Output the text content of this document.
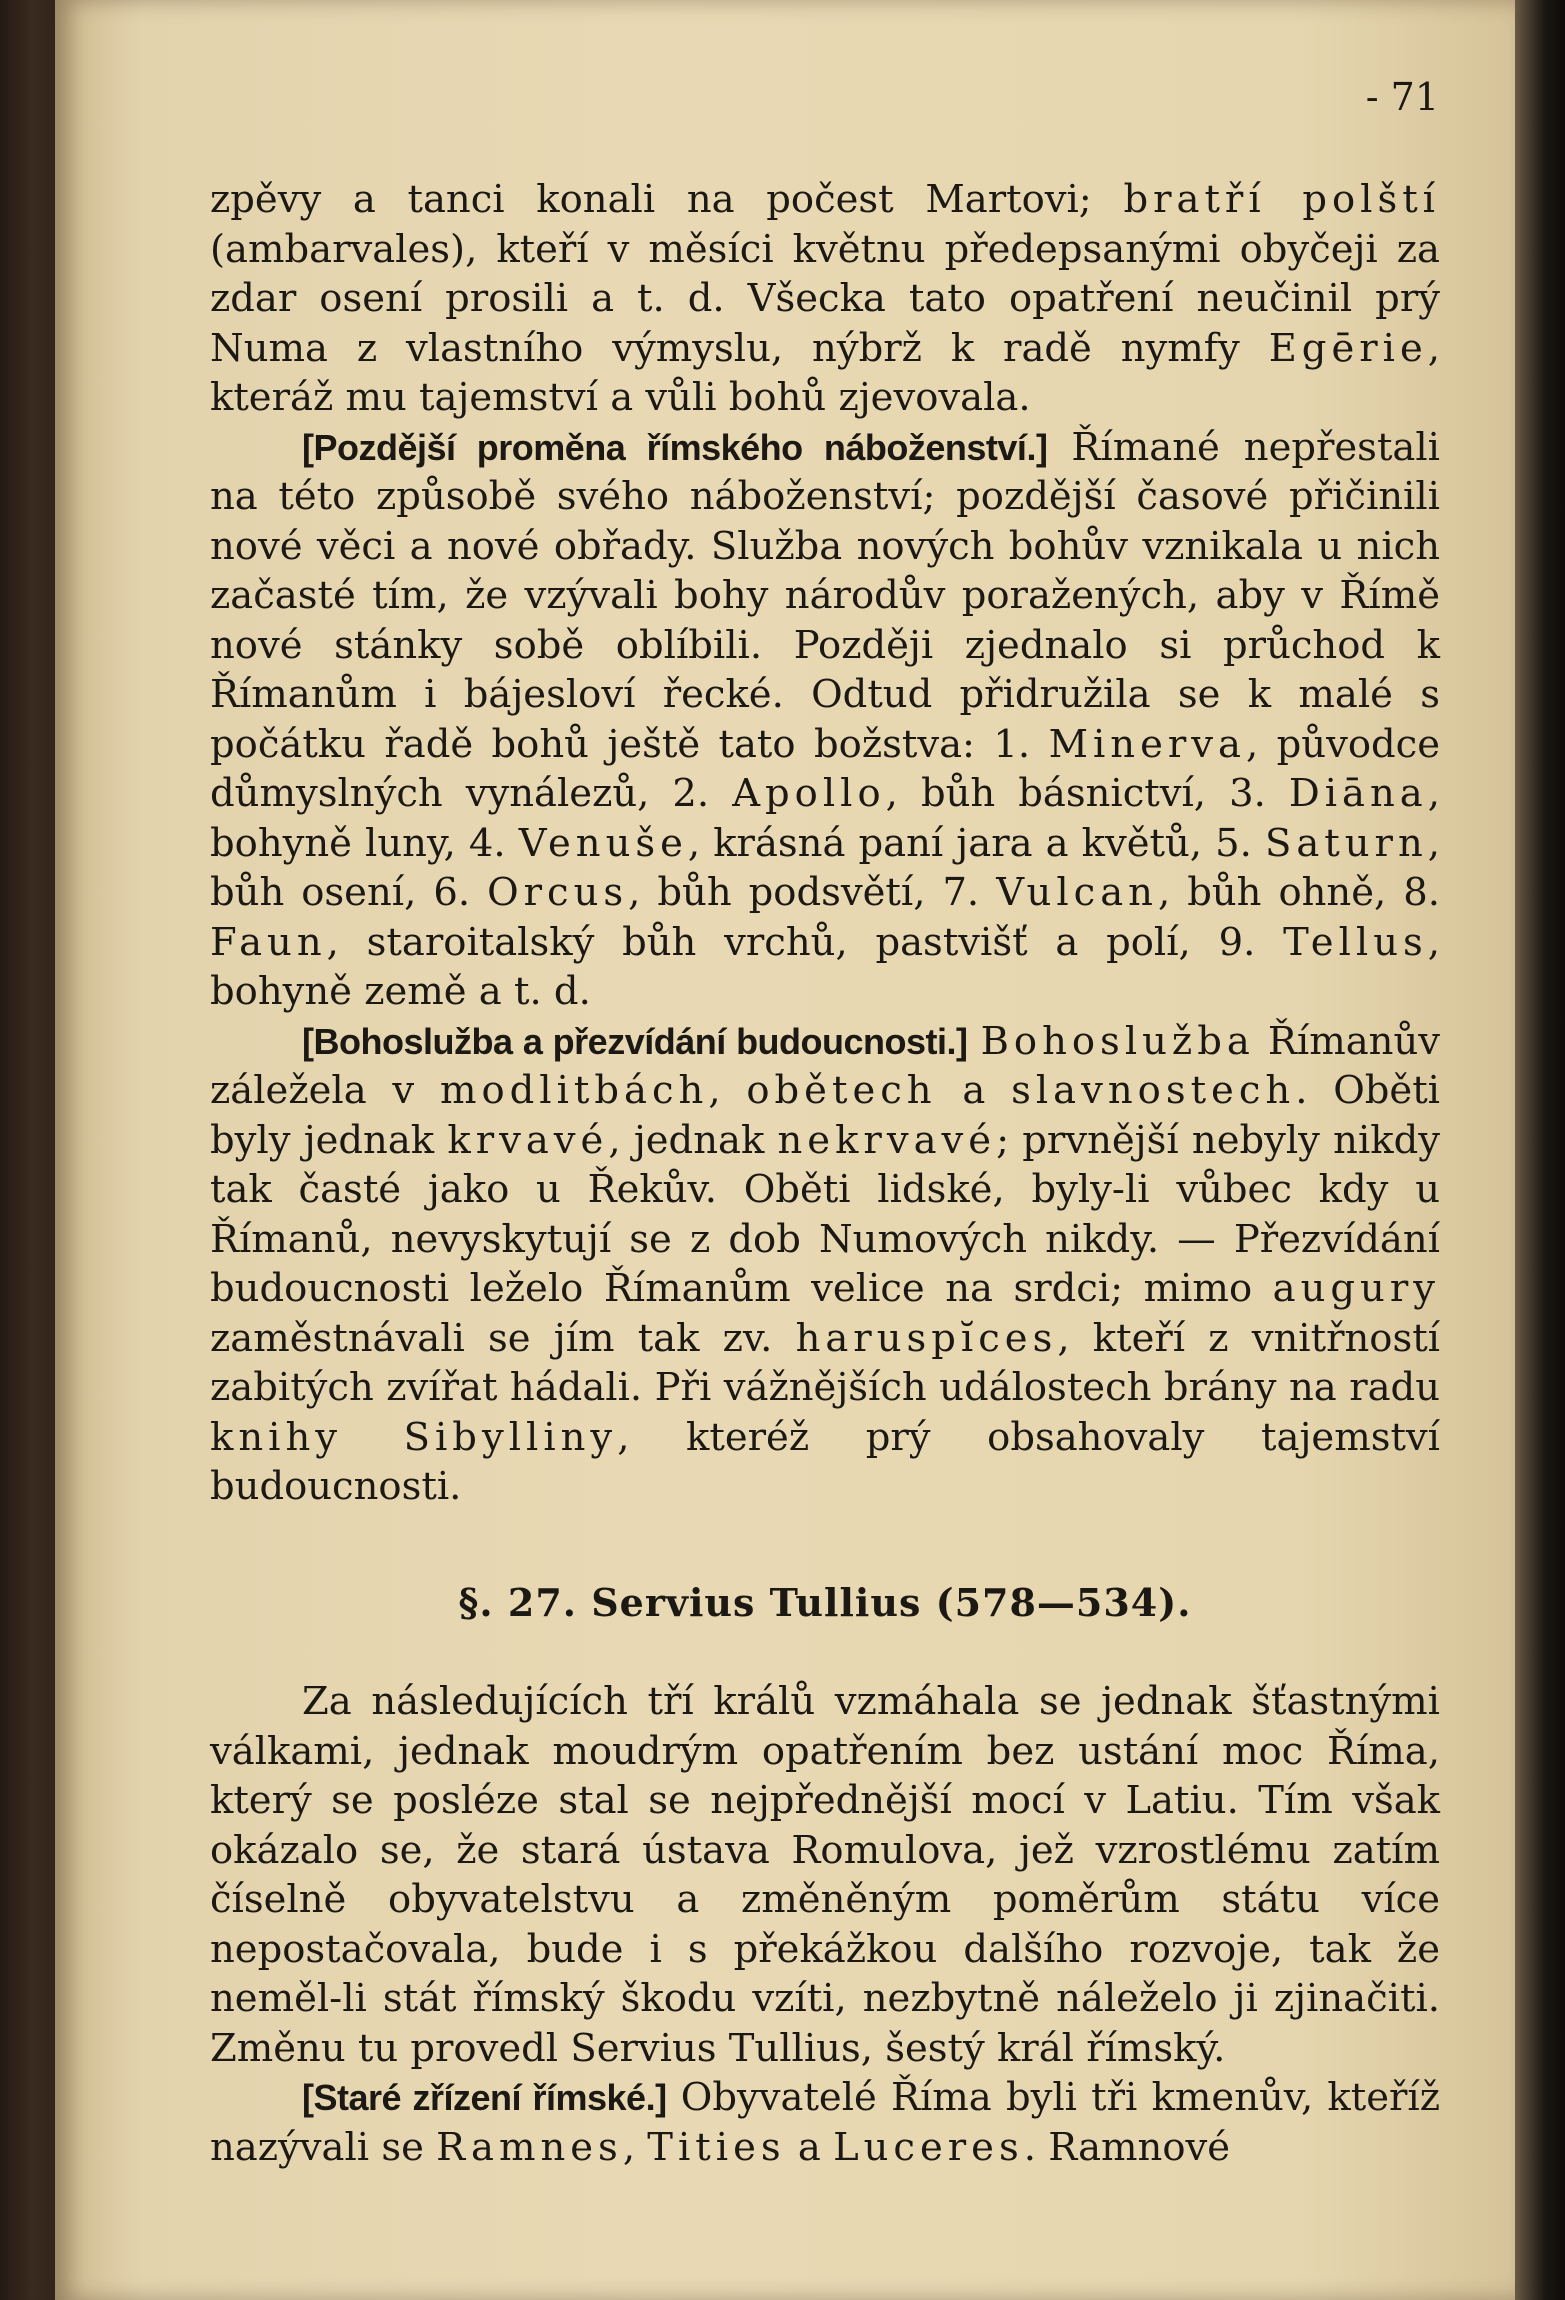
- 71

zpěvy a tanci konali na počest Martovi; bratří polští (ambarvales), kteří v měsíci květnu předepsanými obyčeji za zdar osení prosili a t. d. Všecka tato opatření neučinil prý Numa z vlastního výmyslu, nýbrž k radě nymfy Egērie, kteráž mu tajemství a vůli bohů zjevovala.

[Pozdější proměna římského náboženství.] Římané nepřestali na této způsobě svého náboženství; pozdější časové přičinili nové věci a nové obřady. Služba nových bohův vznikala u nich začasté tím, že vzývali bohy národův poražených, aby v Římě nové stánky sobě oblíbili. Později zjednalo si průchod k Římanům i bájesloví řecké. Odtud přidružila se k malé s počátku řadě bohů ještě tato božstva: 1. Minerva, původce důmyslných vynálezů, 2. Apollo, bůh básnictví, 3. Diāna, bohyně luny, 4. Venuše, krásná paní jara a květů, 5. Saturn, bůh osení, 6. Orcus, bůh podsvětí, 7. Vulcan, bůh ohně, 8. Faun, staroitalský bůh vrchů, pastvišť a polí, 9. Tellus, bohyně země a t. d.

[Bohoslužba a přezvídání budoucnosti.] Bohoslužba Římanův záležela v modlitbách, obětech a slavnostech. Oběti byly jednak krvavé, jednak nekrvavé; prvnější nebyly nikdy tak časté jako u Řekův. Oběti lidské, byly-li vůbec kdy u Římanů, nevyskytují se z dob Numových nikdy. — Přezvídání budoucnosti leželo Římanům velice na srdci; mimo augury zaměstnávali se jím tak zv. haruspĭces, kteří z vnitřností zabitých zvířat hádali. Při vážnějších událostech brány na radu knihy Sibylliny, kteréž prý obsahovaly tajemství budoucnosti.

§. 27. Servius Tullius (578—534).

Za následujících tří králů vzmáhala se jednak šťastnými válkami, jednak moudrým opatřením bez ustání moc Říma, který se posléze stal se nejpřednější mocí v Latiu. Tím však okázalo se, že stará ústava Romulova, jež vzrostlému zatím číselně obyvatelstvu a změněným poměrům státu více nepostačovala, bude i s překážkou dalšího rozvoje, tak že neměl-li stát římský škodu vzíti, nezbytně náleželo ji zjinačiti. Změnu tu provedl Servius Tullius, šestý král římský.

[Staré zřízení římské.] Obyvatelé Říma byli tři kmenův, kteříž nazývali se Ramnes, Tities a Luceres. Ramnové
